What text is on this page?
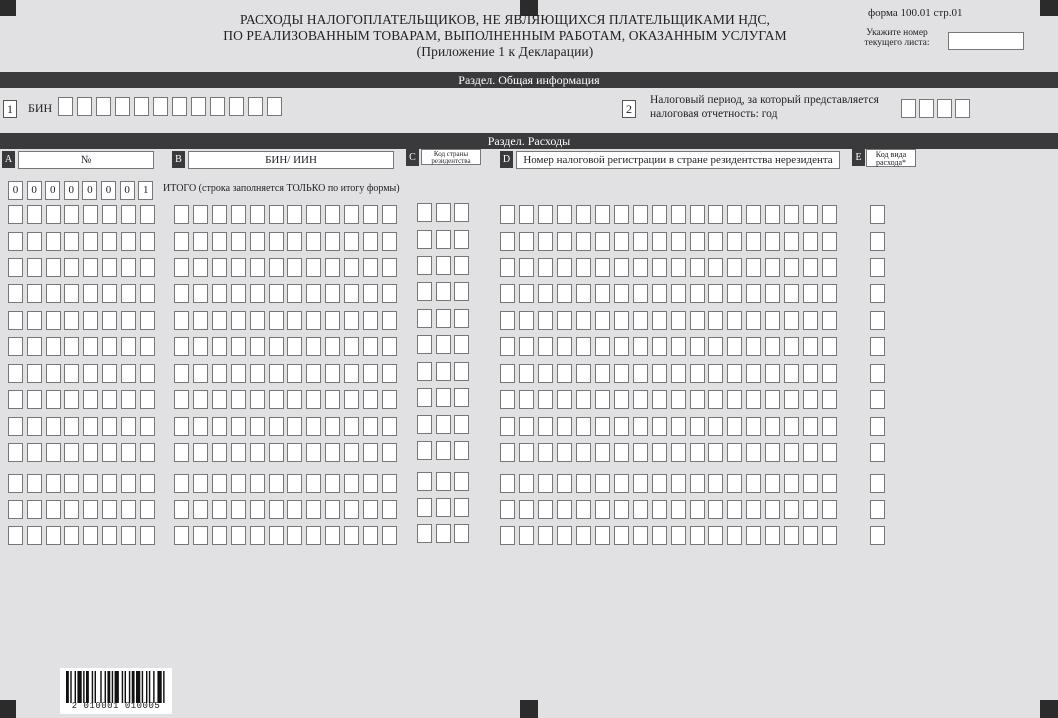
РАСХОДЫ НАЛОГОПЛАТЕЛЬЩИКОВ, НЕ ЯВЛЯЮЩИХСЯ ПЛАТЕЛЬЩИКАМИ НДС,
ПО РЕАЛИЗОВАННЫМ ТОВАРАМ, ВЫПОЛНЕННЫМ РАБОТАМ, ОКАЗАННЫМ УСЛУГАМ
(Приложение 1 к Декларации)
форма 100.01 стр.01
Укажите номер
текущего листа:
Раздел. Общая информация
1	БИН	2
Налоговый период, за который представляется
налоговая отчетность: год
Раздел. Расходы
A	№	B	БИН/ ИИН	C	Код страны
резидентства	D	Номер налоговой регистрации в стране резидентства нерезидента	E	Код вида
расхода*
0	0	0	0	0	0	0	1	ИТОГО (строка заполняется ТОЛЬКО по итогу формы)
2 010001 010005
